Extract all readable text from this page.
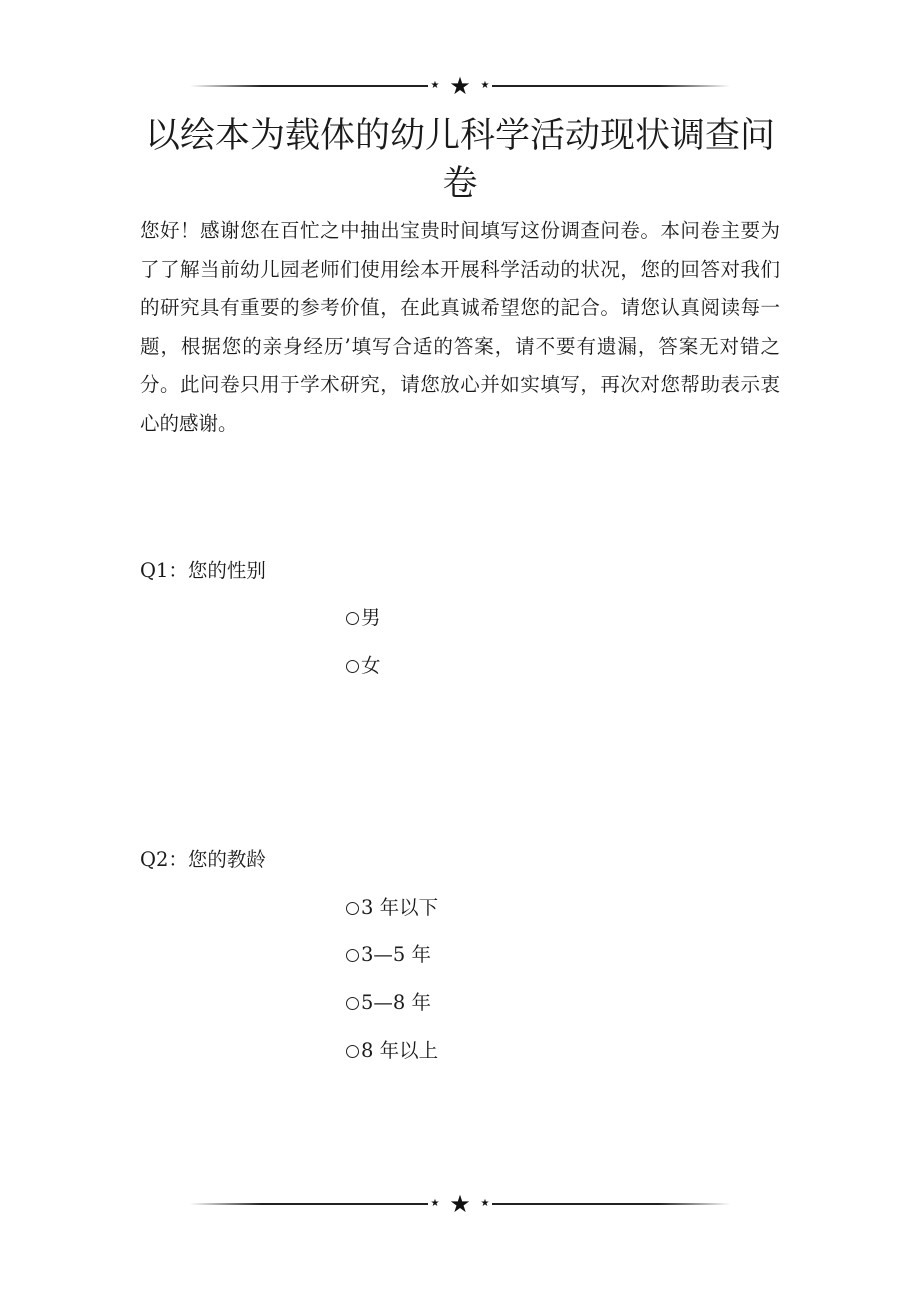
★ ★ ★
以绘本为载体的幼儿科学活动现状调查问卷

您好！感谢您在百忙之中抽出宝贵时间填写这份调查问卷。本问卷主要为了了解当前幼儿园老师们使用绘本开展科学活动的状况，您的回答对我们的研究具有重要的参考价值，在此真诚希望您的記合。请您认真阅读每一题，根据您的亲身经历’填写合适的答案，请不要有遗漏，答案无对错之分。此问卷只用于学术研究，请您放心并如实填写，再次对您帮助表示衷心的感谢。

Q1：您的性别

男
女

Q2：您的教龄

3 年以下
3—5 年
5—8 年
8 年以上
★ ★ ★
